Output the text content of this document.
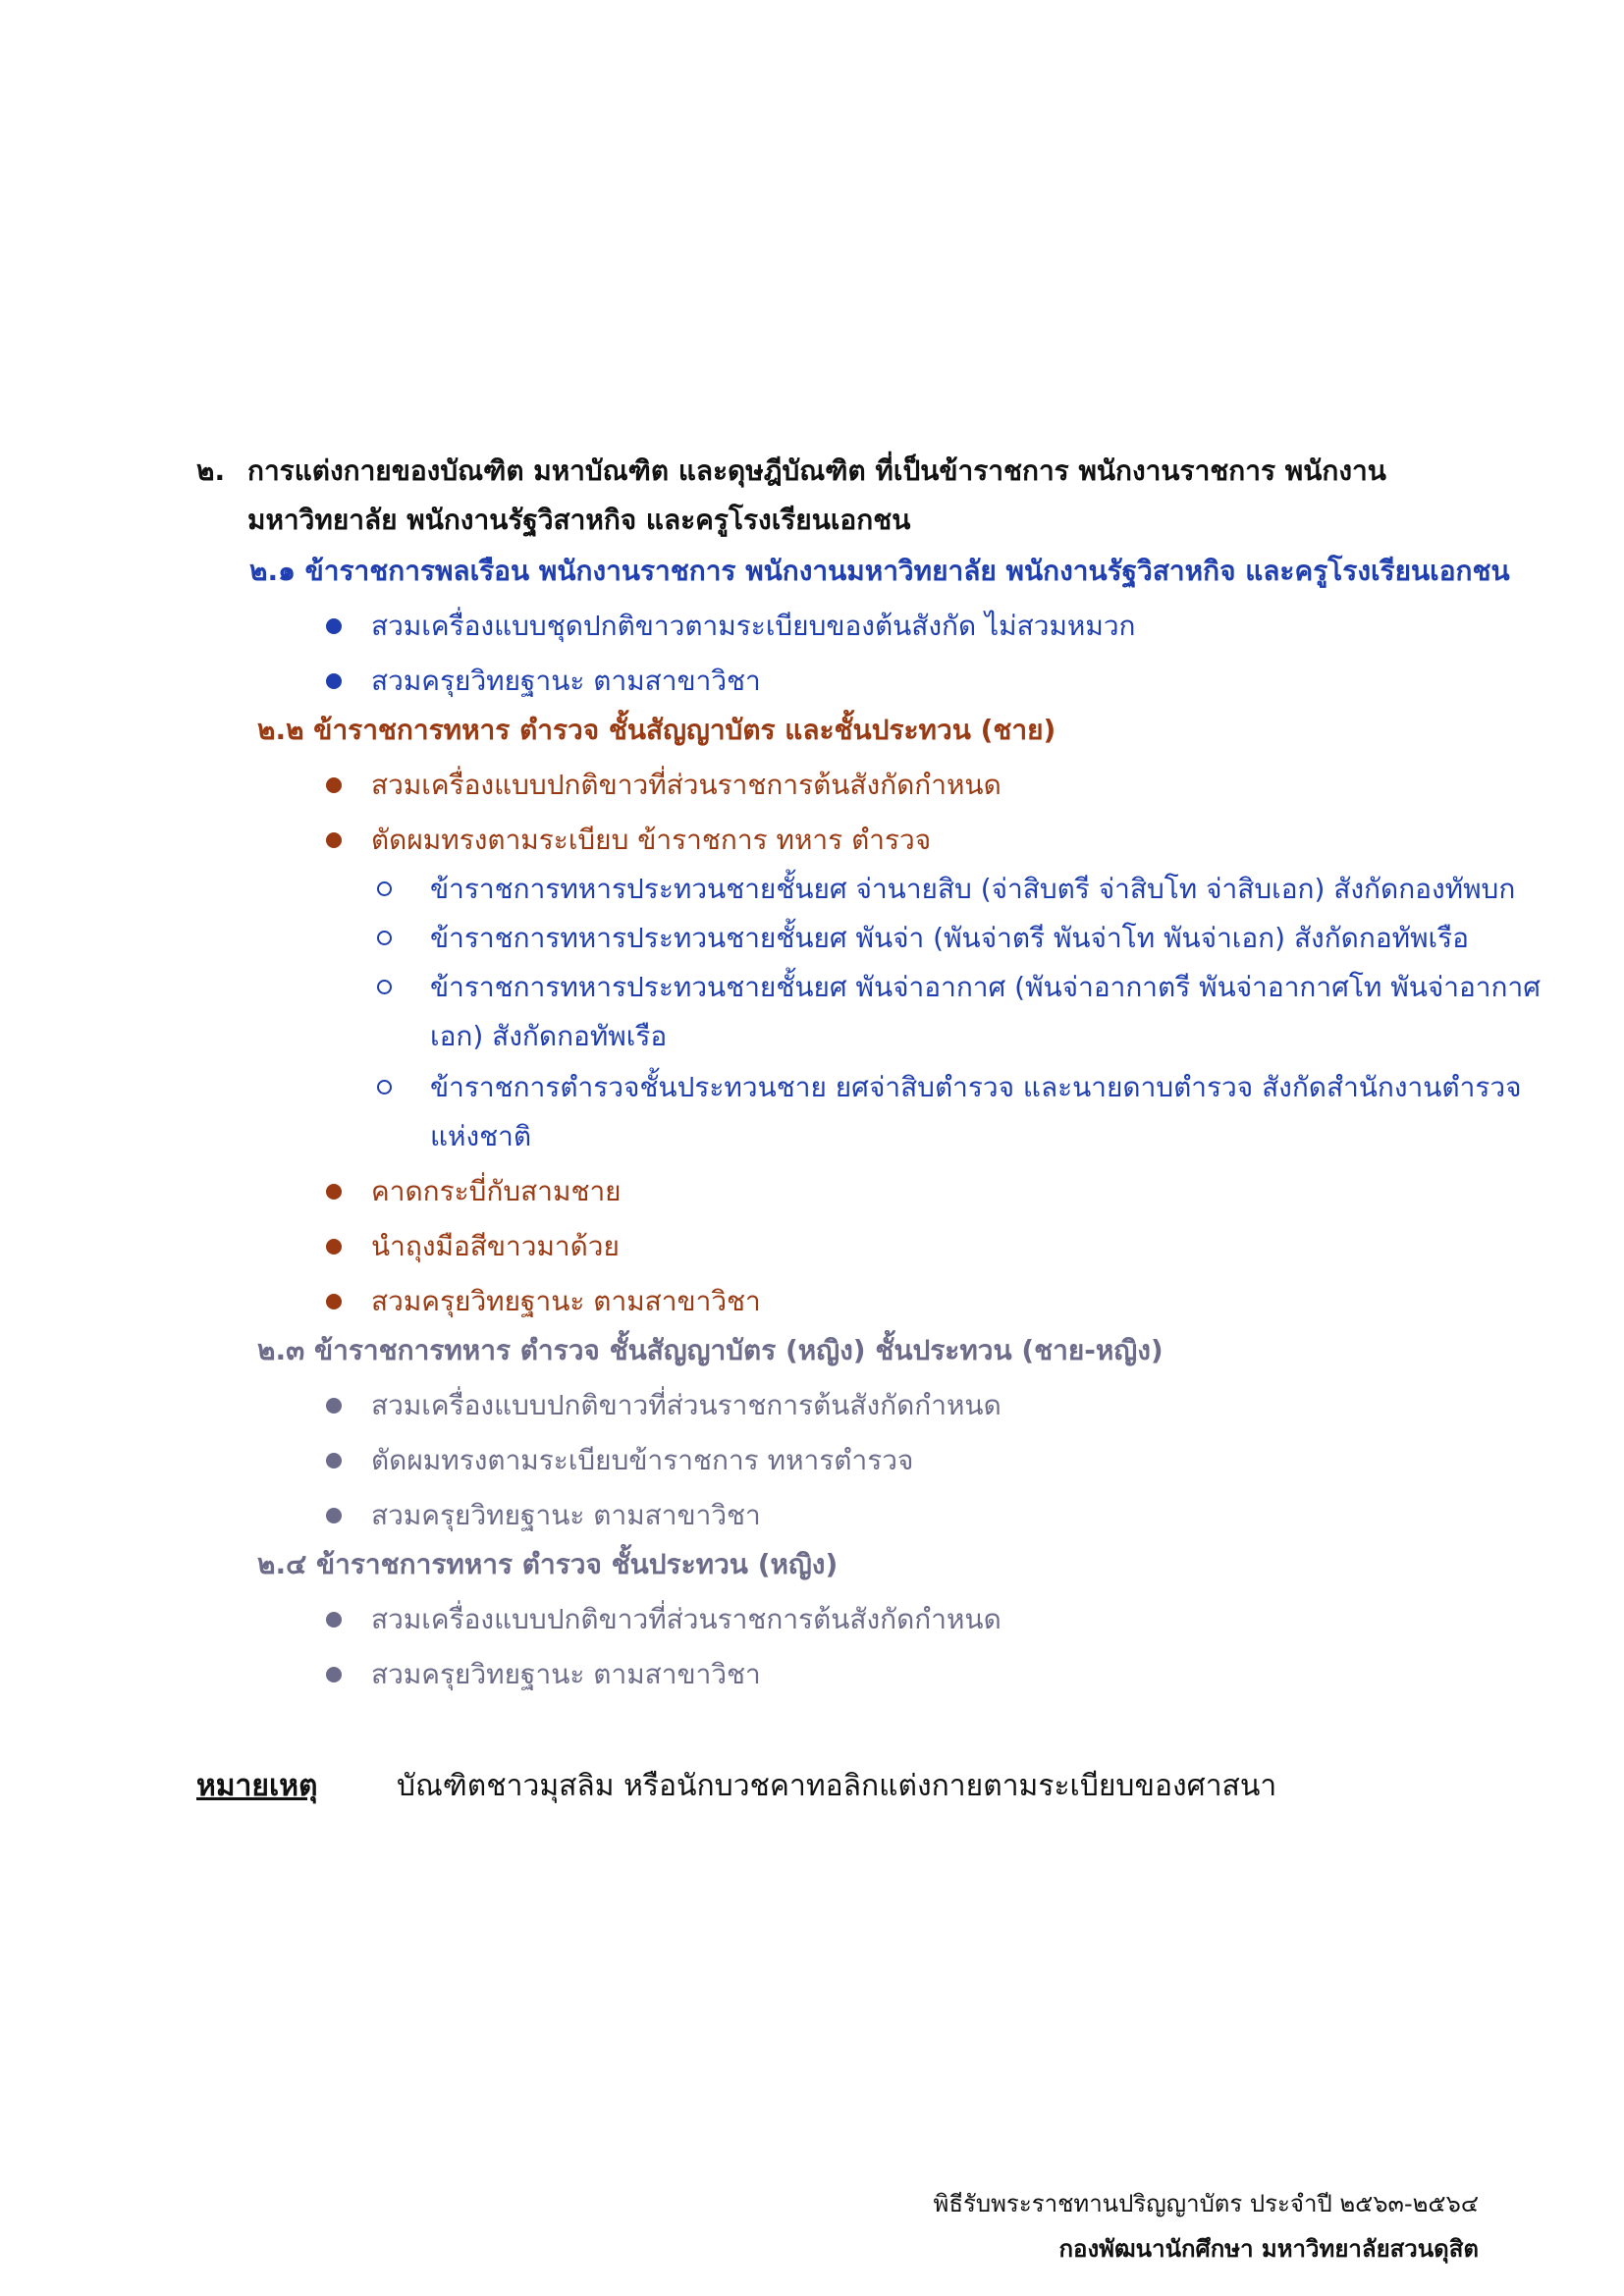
๒. การแต่งกายของบัณฑิต มหาบัณฑิต และดุษฎีบัณฑิต ที่เป็นข้าราชการ พนักงานราชการ พนักงาน
มหาวิทยาลัย พนักงานรัฐวิสาหกิจ และครูโรงเรียนเอกชน
๒.๑ ข้าราชการพลเรือน พนักงานราชการ พนักงานมหาวิทยาลัย พนักงานรัฐวิสาหกิจ และครูโรงเรียนเอกชน
สวมเครื่องแบบชุดปกติขาวตามระเบียบของต้นสังกัด ไม่สวมหมวก
สวมครุยวิทยฐานะ ตามสาขาวิชา
๒.๒ ข้าราชการทหาร ตำรวจ ชั้นสัญญาบัตร และชั้นประทวน (ชาย)
สวมเครื่องแบบปกติขาวที่ส่วนราชการต้นสังกัดกำหนด
ตัดผมทรงตามระเบียบ ข้าราชการ ทหาร ตำรวจ
ข้าราชการทหารประทวนชายชั้นยศ จ่านายสิบ (จ่าสิบตรี จ่าสิบโท จ่าสิบเอก) สังกัดกองทัพบก
ข้าราชการทหารประทวนชายชั้นยศ พันจ่า (พันจ่าตรี พันจ่าโท พันจ่าเอก) สังกัดกอทัพเรือ
ข้าราชการทหารประทวนชายชั้นยศ พันจ่าอากาศ (พันจ่าอากาตรี พันจ่าอากาศโท พันจ่าอากาศ
เอก) สังกัดกอทัพเรือ
ข้าราชการตำรวจชั้นประทวนชาย ยศจ่าสิบตำรวจ และนายดาบตำรวจ สังกัดสำนักงานตำรวจ
แห่งชาติ
คาดกระบี่กับสามชาย
นำถุงมือสีขาวมาด้วย
สวมครุยวิทยฐานะ ตามสาขาวิชา
๒.๓ ข้าราชการทหาร ตำรวจ ชั้นสัญญาบัตร (หญิง) ชั้นประทวน (ชาย-หญิง)
สวมเครื่องแบบปกติขาวที่ส่วนราชการต้นสังกัดกำหนด
ตัดผมทรงตามระเบียบข้าราชการ ทหารตำรวจ
สวมครุยวิทยฐานะ ตามสาขาวิชา
๒.๔ ข้าราชการทหาร ตำรวจ ชั้นประทวน (หญิง)
สวมเครื่องแบบปกติขาวที่ส่วนราชการต้นสังกัดกำหนด
สวมครุยวิทยฐานะ ตามสาขาวิชา
หมายเหตุ	บัณฑิตชาวมุสลิม หรือนักบวชคาทอลิกแต่งกายตามระเบียบของศาสนา
พิธีรับพระราชทานปริญญาบัตร ประจำปี ๒๕๖๓-๒๕๖๔
กองพัฒนานักศึกษา มหาวิทยาลัยสวนดุสิต
